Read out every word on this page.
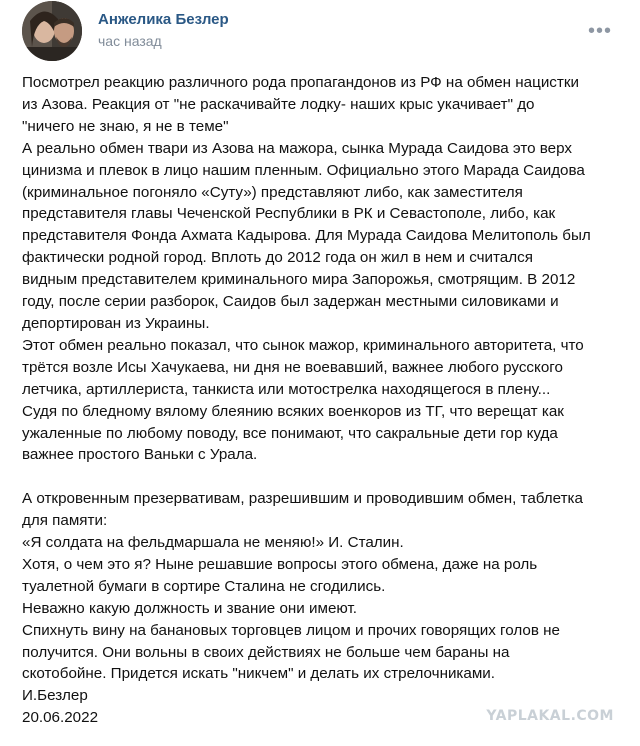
Анжелика Безлер
час назад	•••
Посмотрел реакцию различного рода пропагандонов из РФ на обмен нацистки
из Азова. Реакция от "не раскачивайте лодку- наших крыс укачивает" до
"ничего не знаю, я не в теме"
А реально обмен твари из Азова на мажора, сынка Мурада Саидова это верх
цинизма и плевок в лицо нашим пленным. Официально этого Марада Саидова
(криминальное погоняло «Суту») представляют либо, как заместителя
представителя главы Чеченской Республики в РК и Севастополе, либо, как
представителя Фонда Ахмата Кадырова. Для Мурада Саидова Мелитополь был
фактически родной город. Вплоть до 2012 года он жил в нем и считался
видным представителем криминального мира Запорожья, смотрящим. В 2012
году, после серии разборок, Саидов был задержан местными силовиками и
депортирован из Украины.
Этот обмен реально показал, что сынок мажор, криминального авторитета, что
трётся возле Исы Хачукаева, ни дня не воевавший, важнее любого русского
летчика, артиллериста, танкиста или мотострелка находящегося в плену...
Судя по бледному вялому блеянию всяких военкоров из ТГ, что верещат как
ужаленные по любому поводу, все понимают, что сакральные дети гор куда
важнее простого Ваньки с Урала.
А откровенным презервативам, разрешившим и проводившим обмен, таблетка
для памяти:
«Я солдата на фельдмаршала не меняю!» И. Сталин.
Хотя, о чем это я? Ныне решавшие вопросы этого обмена, даже на роль
туалетной бумаги в сортире Сталина не сгодились.
Неважно какую должность и звание они имеют.
Спихнуть вину на банановых торговцев лицом и прочих говорящих голов не
получится. Они вольны в своих действиях не больше чем бараны на
скотобойне. Придется искать "никчем" и делать их стрелочниками.
И.Безлер
20.06.2022	YAPLAKAL.COM
